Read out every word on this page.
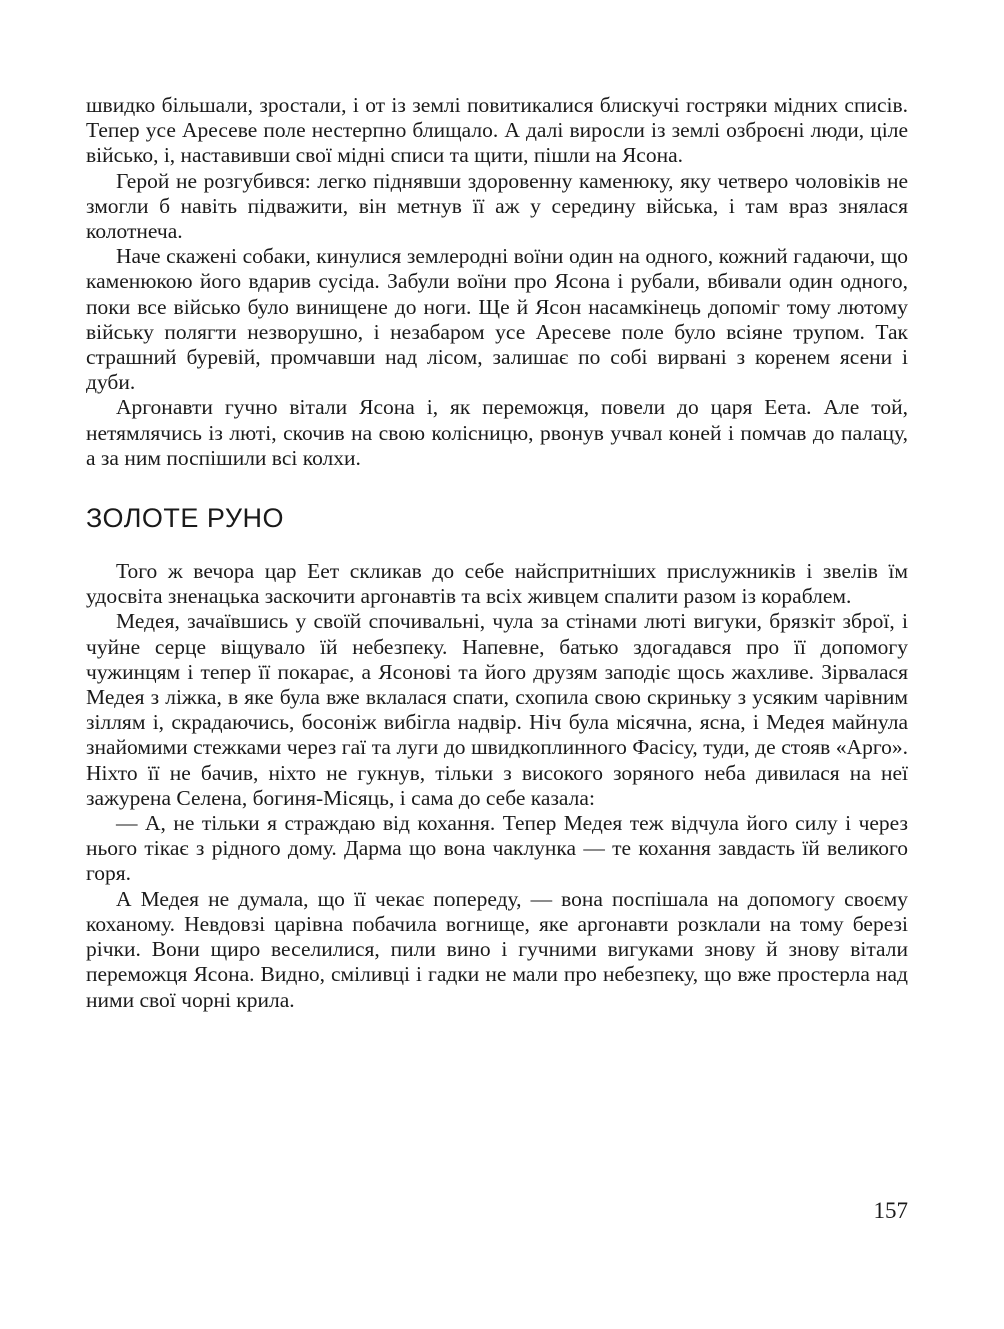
швидко більшали, зростали, і от із землі повитикалися блискучі гостряки мідних списів. Тепер усе Аресеве поле нестерпно блищало. А далі виросли із землі озброєні люди, ціле військо, і, наставивши свої мідні списи та щити, пішли на Ясона.

Герой не розгубився: легко піднявши здоровенну каменюку, яку четверо чоловіків не змогли б навіть підважити, він метнув її аж у середину війська, і там враз знялася колотнеча.

Наче скажені собаки, кинулися землеродні воїни один на одного, кожний гадаючи, що каменюкою його вдарив сусіда. Забули воїни про Ясона і рубали, вбивали один одного, поки все військо було винищене до ноги. Ще й Ясон насамкінець допоміг тому лютому війську полягти незворушно, і незабаром усе Аресеве поле було всіяне трупом. Так страшний буревій, промчавши над лісом, залишає по собі вирвані з коренем ясени і дуби.

Аргонавти гучно вітали Ясона і, як переможця, повели до царя Еета. Але той, нетямлячись із люті, скочив на свою колісницю, рвонув учвал коней і помчав до палацу, а за ним поспішили всі колхи.

ЗОЛОТЕ РУНО

Того ж вечора цар Еет скликав до себе найспритніших прислужників і звелів їм удосвіта зненацька заскочити аргонавтів та всіх живцем спалити разом із кораблем.

Медея, зачаївшись у своїй спочивальні, чула за стінами люті вигуки, брязкіт зброї, і чуйне серце віщувало їй небезпеку. Напевне, батько здогадався про її допомогу чужинцям і тепер її покарає, а Ясонові та його друзям заподіє щось жахливе. Зірвалася Медея з ліжка, в яке була вже вклалася спати, схопила свою скриньку з усяким чарівним зіллям і, скрадаючись, босоніж вибігла надвір. Ніч була місячна, ясна, і Медея майнула знайомими стежками через гаї та луги до швидкоплинного Фасісу, туди, де стояв «Арго». Ніхто її не бачив, ніхто не гукнув, тільки з високого зоряного неба дивилася на неї зажурена Селена, богиня-Місяць, і сама до себе казала:

— А, не тільки я страждаю від кохання. Тепер Медея теж відчула його силу і через нього тікає з рідного дому. Дарма що вона чаклунка — те кохання завдасть їй великого горя.

А Медея не думала, що її чекає попереду, — вона поспішала на допомогу своєму коханому. Невдовзі царівна побачила вогнище, яке аргонавти розклали на тому березі річки. Вони щиро веселилися, пили вино і гучними вигуками знову й знову вітали переможця Ясона. Видно, сміливці і гадки не мали про небезпеку, що вже простерла над ними свої чорні крила.

157
